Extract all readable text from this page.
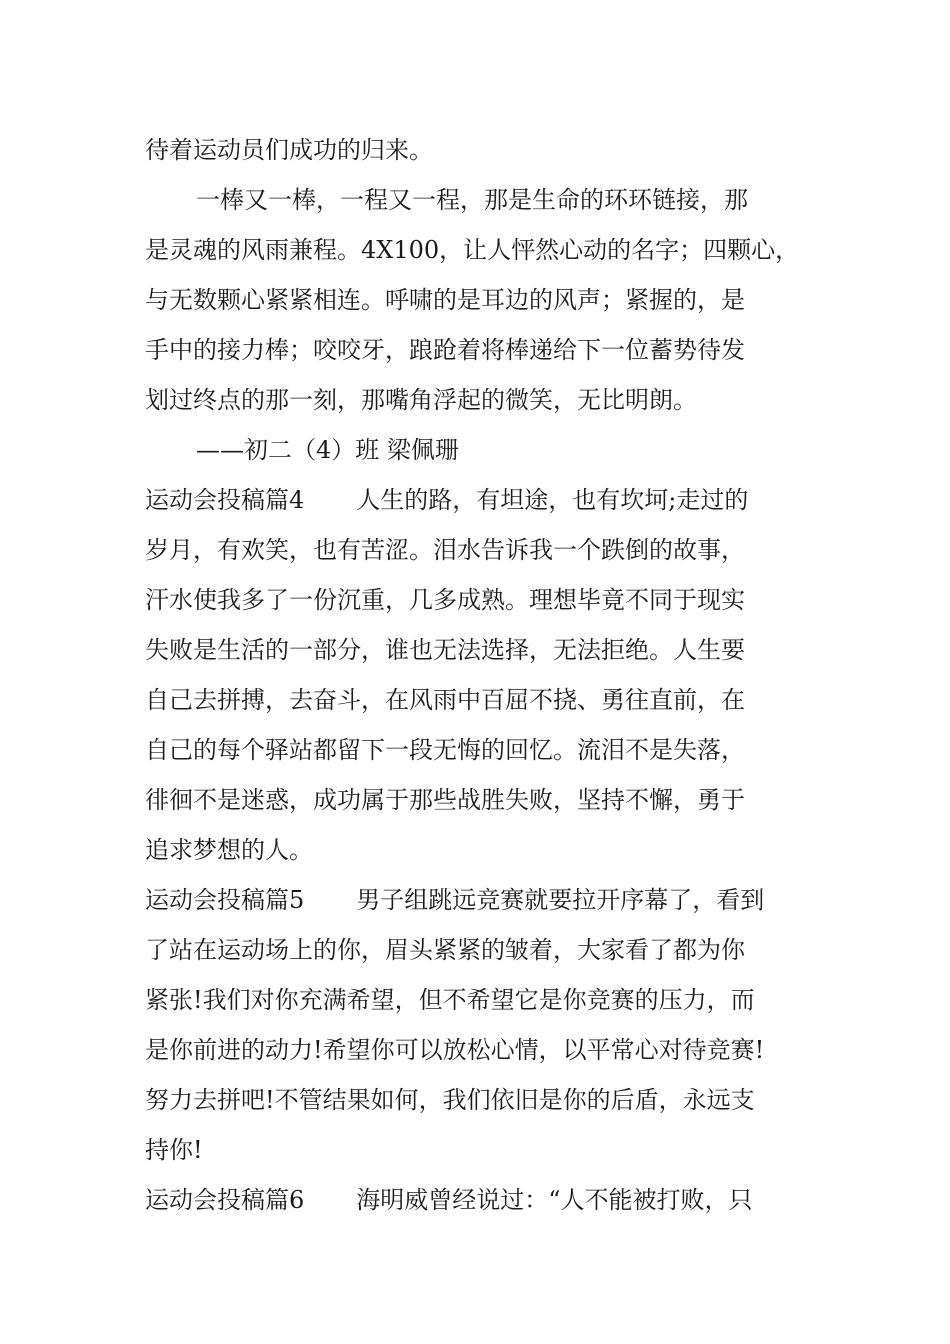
待着运动员们成功的归来。
一棒又一棒，一程又一程，那是生命的环环链接，那
是灵魂的风雨兼程。4X100，让人怦然心动的名字；四颗心，
与无数颗心紧紧相连。呼啸的是耳边的风声；紧握的，是
手中的接力棒；咬咬牙，踉跄着将棒递给下一位蓄势待发
划过终点的那一刻，那嘴角浮起的微笑，无比明朗。
——初二（4）班 梁佩珊
运动会投稿篇4 人生的路，有坦途，也有坎坷;走过的
岁月，有欢笑，也有苦涩。泪水告诉我一个跌倒的故事，
汗水使我多了一份沉重，几多成熟。理想毕竟不同于现实
失败是生活的一部分，谁也无法选择，无法拒绝。人生要
自己去拼搏，去奋斗，在风雨中百屈不挠、勇往直前，在
自己的每个驿站都留下一段无悔的回忆。流泪不是失落，
徘徊不是迷惑，成功属于那些战胜失败，坚持不懈，勇于
追求梦想的人。
运动会投稿篇5 男子组跳远竞赛就要拉开序幕了，看到
了站在运动场上的你，眉头紧紧的皱着，大家看了都为你
紧张!我们对你充满希望，但不希望它是你竞赛的压力，而
是你前进的动力!希望你可以放松心情，以平常心对待竞赛!
努力去拼吧!不管结果如何，我们依旧是你的后盾，永远支
持你!
运动会投稿篇6 海明威曾经说过：“人不能被打败，只
